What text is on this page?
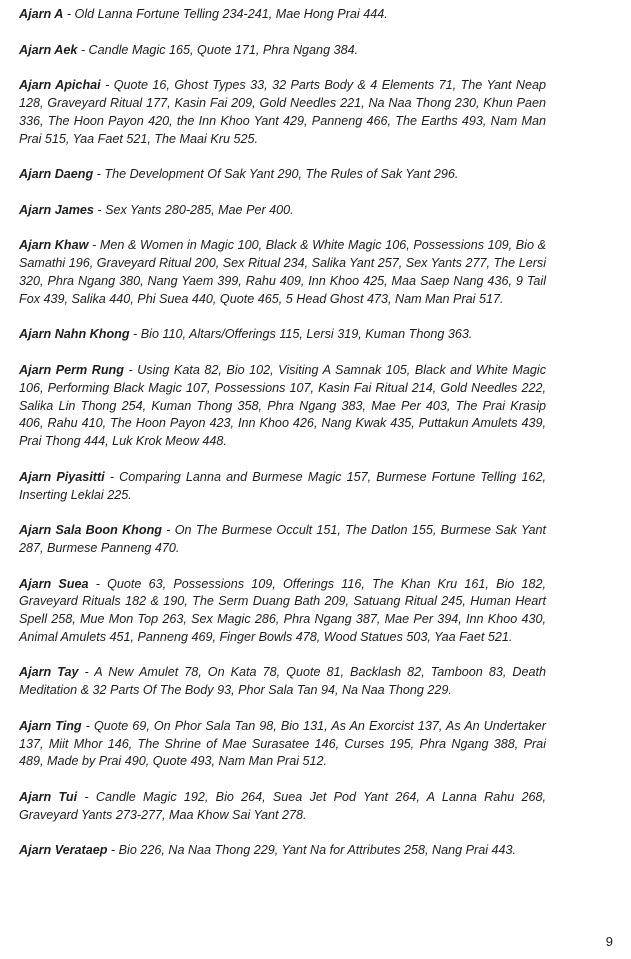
Ajarn A - Old Lanna Fortune Telling 234-241, Mae Hong Prai 444.

Ajarn Aek - Candle Magic 165, Quote 171, Phra Ngang 384.

Ajarn Apichai - Quote 16, Ghost Types 33, 32 Parts Body & 4 Elements 71, The Yant Neap 128, Graveyard Ritual 177, Kasin Fai 209, Gold Needles 221, Na Naa Thong 230, Khun Paen 336, The Hoon Payon 420, the Inn Khoo Yant 429, Panneng 466, The Earths 493, Nam Man Prai 515, Yaa Faet 521, The Maai Kru 525.

Ajarn Daeng - The Development Of Sak Yant 290, The Rules of Sak Yant 296.

Ajarn James - Sex Yants 280-285, Mae Per 400.

Ajarn Khaw - Men & Women in Magic 100, Black & White Magic 106, Possessions 109, Bio & Samathi 196, Graveyard Ritual 200, Sex Ritual 234, Salika Yant 257, Sex Yants 277, The Lersi 320, Phra Ngang 380, Nang Yaem 399, Rahu 409, Inn Khoo 425, Maa Saep Nang 436, 9 Tail Fox 439, Salika 440, Phi Suea 440, Quote 465, 5 Head Ghost 473, Nam Man Prai 517.

Ajarn Nahn Khong - Bio 110, Altars/Offerings 115, Lersi 319, Kuman Thong 363.

Ajarn Perm Rung - Using Kata 82, Bio 102, Visiting A Samnak 105, Black and White Magic 106, Performing Black Magic 107, Possessions 107, Kasin Fai Ritual 214, Gold Needles 222, Salika Lin Thong 254, Kuman Thong 358, Phra Ngang 383, Mae Per 403, The Prai Krasip 406, Rahu 410, The Hoon Payon 423, Inn Khoo 426, Nang Kwak 435, Puttakun Amulets 439, Prai Thong 444, Luk Krok Meow 448.

Ajarn Piyasitti - Comparing Lanna and Burmese Magic 157, Burmese Fortune Telling 162, Inserting Leklai 225.

Ajarn Sala Boon Khong - On The Burmese Occult 151, The Datlon 155, Burmese Sak Yant 287, Burmese Panneng 470.

Ajarn Suea - Quote 63, Possessions 109, Offerings 116, The Khan Kru 161, Bio 182, Graveyard Rituals 182 & 190, The Serm Duang Bath 209, Satuang Ritual 245, Human Heart Spell 258, Mue Mon Top 263, Sex Magic 286, Phra Ngang 387, Mae Per 394, Inn Khoo 430, Animal Amulets 451, Panneng 469, Finger Bowls 478, Wood Statues 503, Yaa Faet 521.

Ajarn Tay - A New Amulet 78, On Kata 78, Quote 81, Backlash 82, Tamboon 83, Death Meditation & 32 Parts Of The Body 93, Phor Sala Tan 94, Na Naa Thong 229.

Ajarn Ting - Quote 69, On Phor Sala Tan 98, Bio 131, As An Exorcist 137, As An Undertaker 137, Miit Mhor 146, The Shrine of Mae Surasatee 146, Curses 195, Phra Ngang 388, Prai 489, Made by Prai 490, Quote 493, Nam Man Prai 512.

Ajarn Tui - Candle Magic 192, Bio 264, Suea Jet Pod Yant 264, A Lanna Rahu 268, Graveyard Yants 273-277, Maa Khow Sai Yant 278.

Ajarn Verataep - Bio 226, Na Naa Thong 229, Yant Na for Attributes 258, Nang Prai 443.

9
